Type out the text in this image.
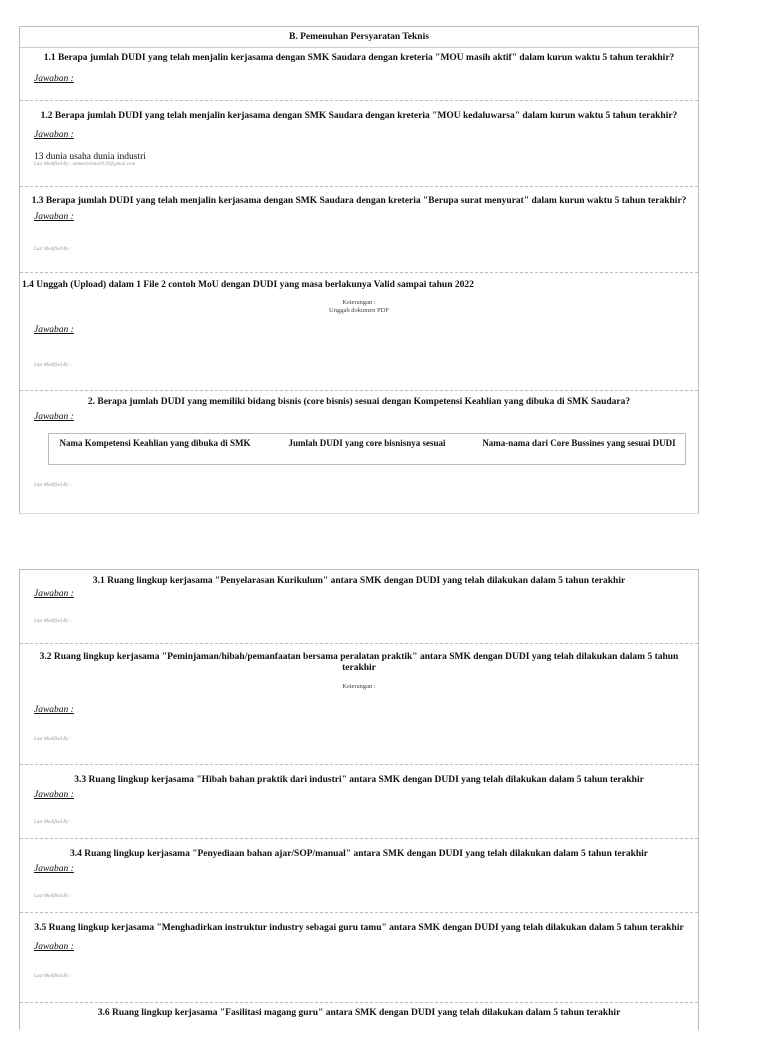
B. Pemenuhan Persyaratan Teknis
1.1 Berapa jumlah DUDI yang telah menjalin kerjasama dengan SMK Saudara dengan kreteria "MOU masih aktif" dalam kurun waktu 5 tahun terakhir?
Jawaban :
1.2 Berapa jumlah DUDI yang telah menjalin kerjasama dengan SMK Saudara dengan kreteria "MOU kedaluwarsa" dalam kurun waktu 5 tahun terakhir?
Jawaban :
13 dunia usaha dunia industri
Last Modified By : ammarishmart129@gmail.com
1.3 Berapa jumlah DUDI yang telah menjalin kerjasama dengan SMK Saudara dengan kreteria "Berupa surat menyurat" dalam kurun waktu 5 tahun terakhir?
Jawaban :
Last Modified By :
1.4 Unggah (Upload) dalam 1 File 2 contoh MoU dengan DUDI yang masa berlakunya Valid sampai tahun 2022
Keterangan :
Unggah dokumen PDF
Jawaban :
Last Modified By :
2. Berapa jumlah DUDI yang memiliki bidang bisnis (core bisnis) sesuai dengan Kompetensi Keahlian yang dibuka di SMK Saudara?
Jawaban :
Nama Kompetensi Keahlian yang dibuka di SMK	Jumlah DUDI yang core bisnisnya sesuai	Nama-nama dari Core Bussines yang sesuai DUDI
Last Modified By :
3.1 Ruang lingkup kerjasama "Penyelarasan Kurikulum" antara SMK dengan DUDI yang telah dilakukan dalam 5 tahun terakhir
Jawaban :
Last Modified By :
3.2 Ruang lingkup kerjasama "Peminjaman/hibah/pemanfaatan bersama peralatan praktik" antara SMK dengan DUDI yang telah dilakukan dalam 5 tahun terakhir
Keterangan :
Jawaban :
Last Modified By :
3.3 Ruang lingkup kerjasama "Hibah bahan praktik dari industri" antara SMK dengan DUDI yang telah dilakukan dalam 5 tahun terakhir
Jawaban :
Last Modified By :
3.4 Ruang lingkup kerjasama "Penyediaan bahan ajar/SOP/manual" antara SMK dengan DUDI yang telah dilakukan dalam 5 tahun terakhir
Jawaban :
Last Modified By :
3.5 Ruang lingkup kerjasama "Menghadirkan instruktur industry sebagai guru tamu" antara SMK dengan DUDI yang telah dilakukan dalam 5 tahun terakhir
Jawaban :
Last Modified By :
3.6 Ruang lingkup kerjasama "Fasilitasi magang guru" antara SMK dengan DUDI yang telah dilakukan dalam 5 tahun terakhir
